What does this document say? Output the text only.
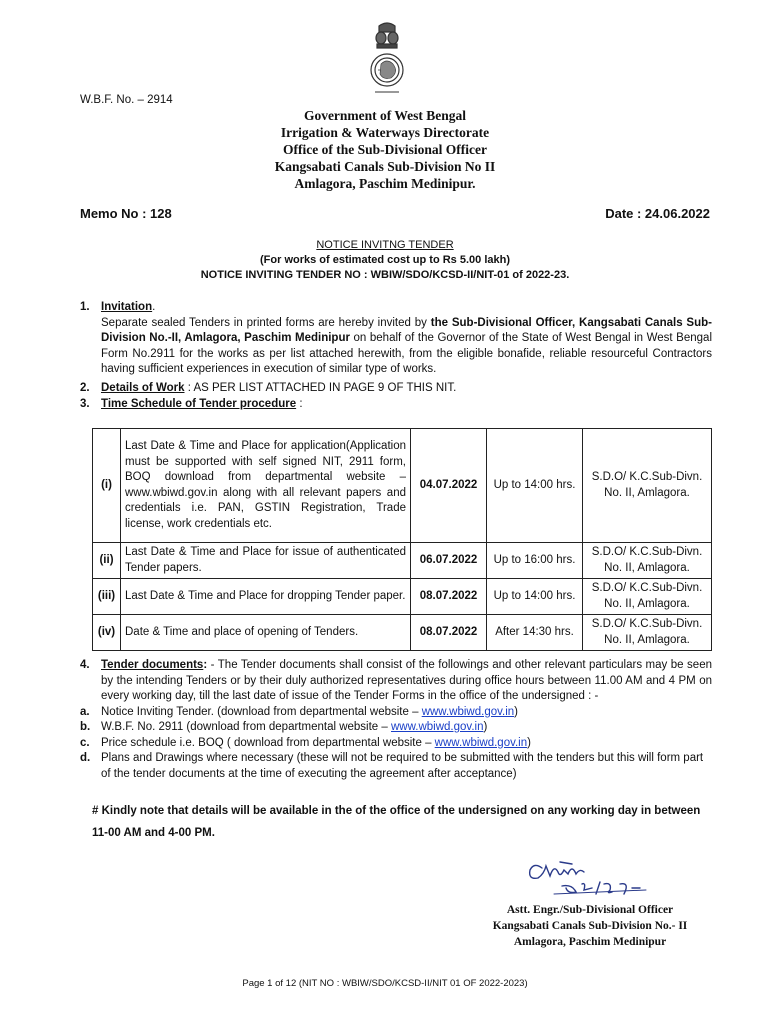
W.B.F. No. – 2914
Government of West Bengal
Irrigation & Waterways Directorate
Office of the Sub-Divisional Officer
Kangsabati Canals Sub-Division No II
Amlagora, Paschim Medinipur.
Memo No : 128	Date : 24.06.2022
NOTICE INVITNG TENDER
(For works of estimated cost up to Rs 5.00 lakh)
NOTICE INVITING TENDER NO : WBIW/SDO/KCSD-II/NIT-01 of 2022-23.
1. Invitation.
Separate sealed Tenders in printed forms are hereby invited by the Sub-Divisional Officer, Kangsabati Canals Sub-Division No.-II, Amlagora, Paschim Medinipur on behalf of the Governor of the State of West Bengal in West Bengal Form No.2911 for the works as per list attached herewith, from the eligible bonafide, reliable resourceful Contractors having sufficient experiences in execution of similar type of works.
2. Details of Work : AS PER LIST ATTACHED IN PAGE 9 OF THIS NIT.
3. Time Schedule of Tender procedure :
(i)	Last Date & Time and Place for application(Application must be supported with self signed NIT, 2911 form, BOQ download from departmental website – www.wbiwd.gov.in along with all relevant papers and credentials i.e. PAN, GSTIN Registration, Trade license, work credentials etc.	04.07.2022	Up to 14:00 hrs.	S.D.O/ K.C.Sub-Divn. No. II, Amlagora.
(ii)	Last Date & Time and Place for issue of authenticated Tender papers.	06.07.2022	Up to 16:00 hrs.	S.D.O/ K.C.Sub-Divn. No. II, Amlagora.
(iii)	Last Date & Time and Place for dropping Tender paper.	08.07.2022	Up to 14:00 hrs.	S.D.O/ K.C.Sub-Divn. No. II, Amlagora.
(iv)	Date & Time and place of opening of Tenders.	08.07.2022	After 14:30 hrs.	S.D.O/ K.C.Sub-Divn. No. II, Amlagora.
4. Tender documents: - The Tender documents shall consist of the followings and other relevant particulars may be seen by the intending Tenders or by their duly authorized representatives during office hours between 11.00 AM and 4 PM on every working day, till the last date of issue of the Tender Forms in the office of the undersigned : -
a. Notice Inviting Tender. (download from departmental website – www.wbiwd.gov.in)
b. W.B.F. No. 2911 (download from departmental website – www.wbiwd.gov.in)
c. Price schedule i.e. BOQ ( download from departmental website – www.wbiwd.gov.in)
d. Plans and Drawings where necessary (these will not be required to be submitted with the tenders but this will form part of the tender documents at the time of executing the agreement after acceptance)
# Kindly note that details will be available in the of the office of the undersigned on any working day in between 11-00 AM and 4-00 PM.
Astt. Engr./Sub-Divisional Officer
Kangsabati Canals Sub-Division No.- II
Amlagora, Paschim Medinipur
Page 1 of 12 (NIT NO : WBIW/SDO/KCSD-II/NIT 01 OF 2022-2023)
